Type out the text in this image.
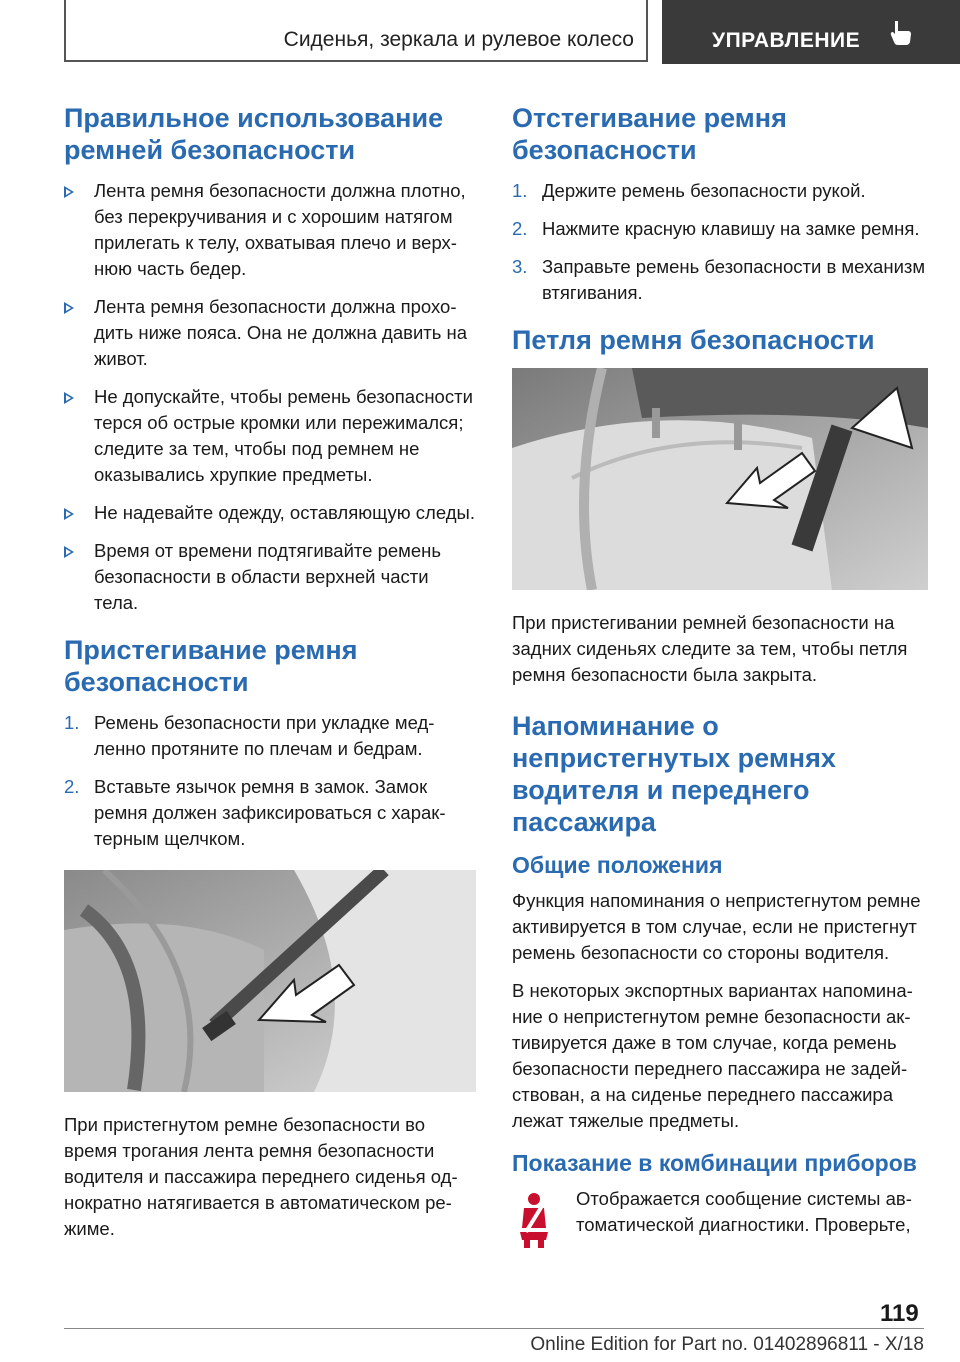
Сиденья, зеркала и рулевое колесо	УПРАВЛЕНИЕ
Правильное использование ремней безопасности
Лента ремня безопасности должна плотно, без перекручивания и с хорошим натягом прилегать к телу, охватывая плечо и верхнюю часть бедер.
Лента ремня безопасности должна проходить ниже пояса. Она не должна давить на живот.
Не допускайте, чтобы ремень безопасности терся об острые кромки или пережимался; следите за тем, чтобы под ремнем не оказывались хрупкие предметы.
Не надевайте одежду, оставляющую следы.
Время от времени подтягивайте ремень безопасности в области верхней части тела.
Пристегивание ремня безопасности
1. Ремень безопасности при укладке медленно протяните по плечам и бедрам.
2. Вставьте язычок ремня в замок. Замок ремня должен зафиксироваться с характерным щелчком.

При пристегнутом ремне безопасности во время трогания лента ремня безопасности водителя и пассажира переднего сиденья однократно натягивается в автоматическом режиме.

Отстегивание ремня безопасности
1. Держите ремень безопасности рукой.
2. Нажмите красную клавишу на замке ремня.
3. Заправьте ремень безопасности в механизм втягивания.
Петля ремня безопасности

При пристегивании ремней безопасности на задних сиденьях следите за тем, чтобы петля ремня безопасности была закрыта.

Напоминание о непристегнутых ремнях водителя и переднего пассажира
Общие положения

Функция напоминания о непристегнутом ремне активируется в том случае, если не пристегнут ремень безопасности со стороны водителя.

В некоторых экспортных вариантах напоминание о непристегнутом ремне безопасности активируется даже в том случае, когда ремень безопасности переднего пассажира не задействован, а на сиденье переднего пассажира лежат тяжелые предметы.

Показание в комбинации приборов

Отображается сообщение системы автоматической диагностики. Проверьте,

119
Online Edition for Part no. 01402896811 - X/18
